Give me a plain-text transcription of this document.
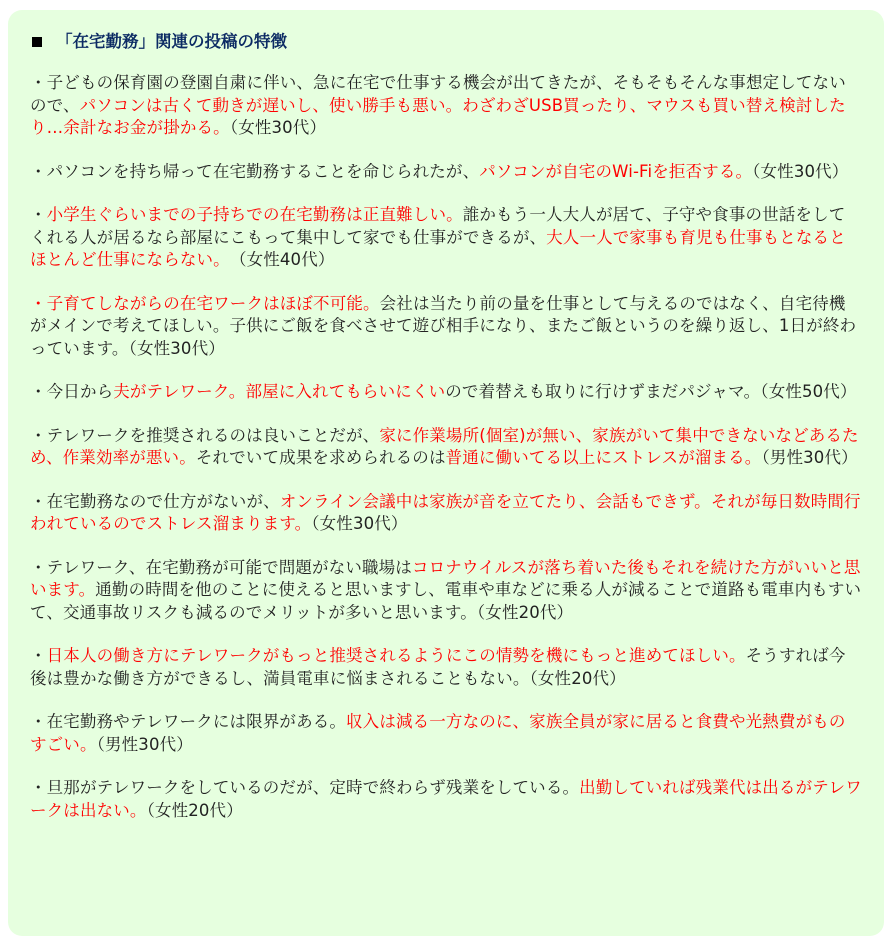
「在宅勤務」関連の投稿の特徴

・子どもの保育園の登園自粛に伴い、急に在宅で仕事する機会が出てきたが、そもそもそんな事想定してないので、パソコンは古くて動きが遅いし、使い勝手も悪い。わざわざUSB買ったり、マウスも買い替え検討したり…余計なお金が掛かる。（女性30代）

・パソコンを持ち帰って在宅勤務することを命じられたが、パソコンが自宅のWi-Fiを拒否する。（女性30代）

・小学生ぐらいまでの子持ちでの在宅勤務は正直難しい。誰かもう一人大人が居て、子守や食事の世話をしてくれる人が居るなら部屋にこもって集中して家でも仕事ができるが、大人一人で家事も育児も仕事もとなるとほとんど仕事にならない。　（女性40代）

・子育てしながらの在宅ワークはほぼ不可能。会社は当たり前の量を仕事として与えるのではなく、自宅待機がメインで考えてほしい。子供にご飯を食べさせて遊び相手になり、またご飯というのを繰り返し、1日が終わっています。（女性30代）

・今日から夫がテレワーク。部屋に入れてもらいにくいので着替えも取りに行けずまだパジャマ。（女性50代）

・テレワークを推奨されるのは良いことだが、家に作業場所(個室)が無い、家族がいて集中できないなどあるため、作業効率が悪い。それでいて成果を求められるのは普通に働いてる以上にストレスが溜まる。（男性30代）

・在宅勤務なので仕方がないが、オンライン会議中は家族が音を立てたり、会話もできず。それが毎日数時間行われているのでストレス溜まります。（女性30代）

・テレワーク、在宅勤務が可能で問題がない職場はコロナウイルスが落ち着いた後もそれを続けた方がいいと思います。通勤の時間を他のことに使えると思いますし、電車や車などに乗る人が減ることで道路も電車内もすいて、交通事故リスクも減るのでメリットが多いと思います。（女性20代）

・日本人の働き方にテレワークがもっと推奨されるようにこの情勢を機にもっと進めてほしい。そうすれば今後は豊かな働き方ができるし、満員電車に悩まされることもない。（女性20代）

・在宅勤務やテレワークには限界がある。収入は減る一方なのに、家族全員が家に居ると食費や光熱費がものすごい。（男性30代）

・旦那がテレワークをしているのだが、定時で終わらず残業をしている。出勤していれば残業代は出るがテレワークは出ない。（女性20代）
